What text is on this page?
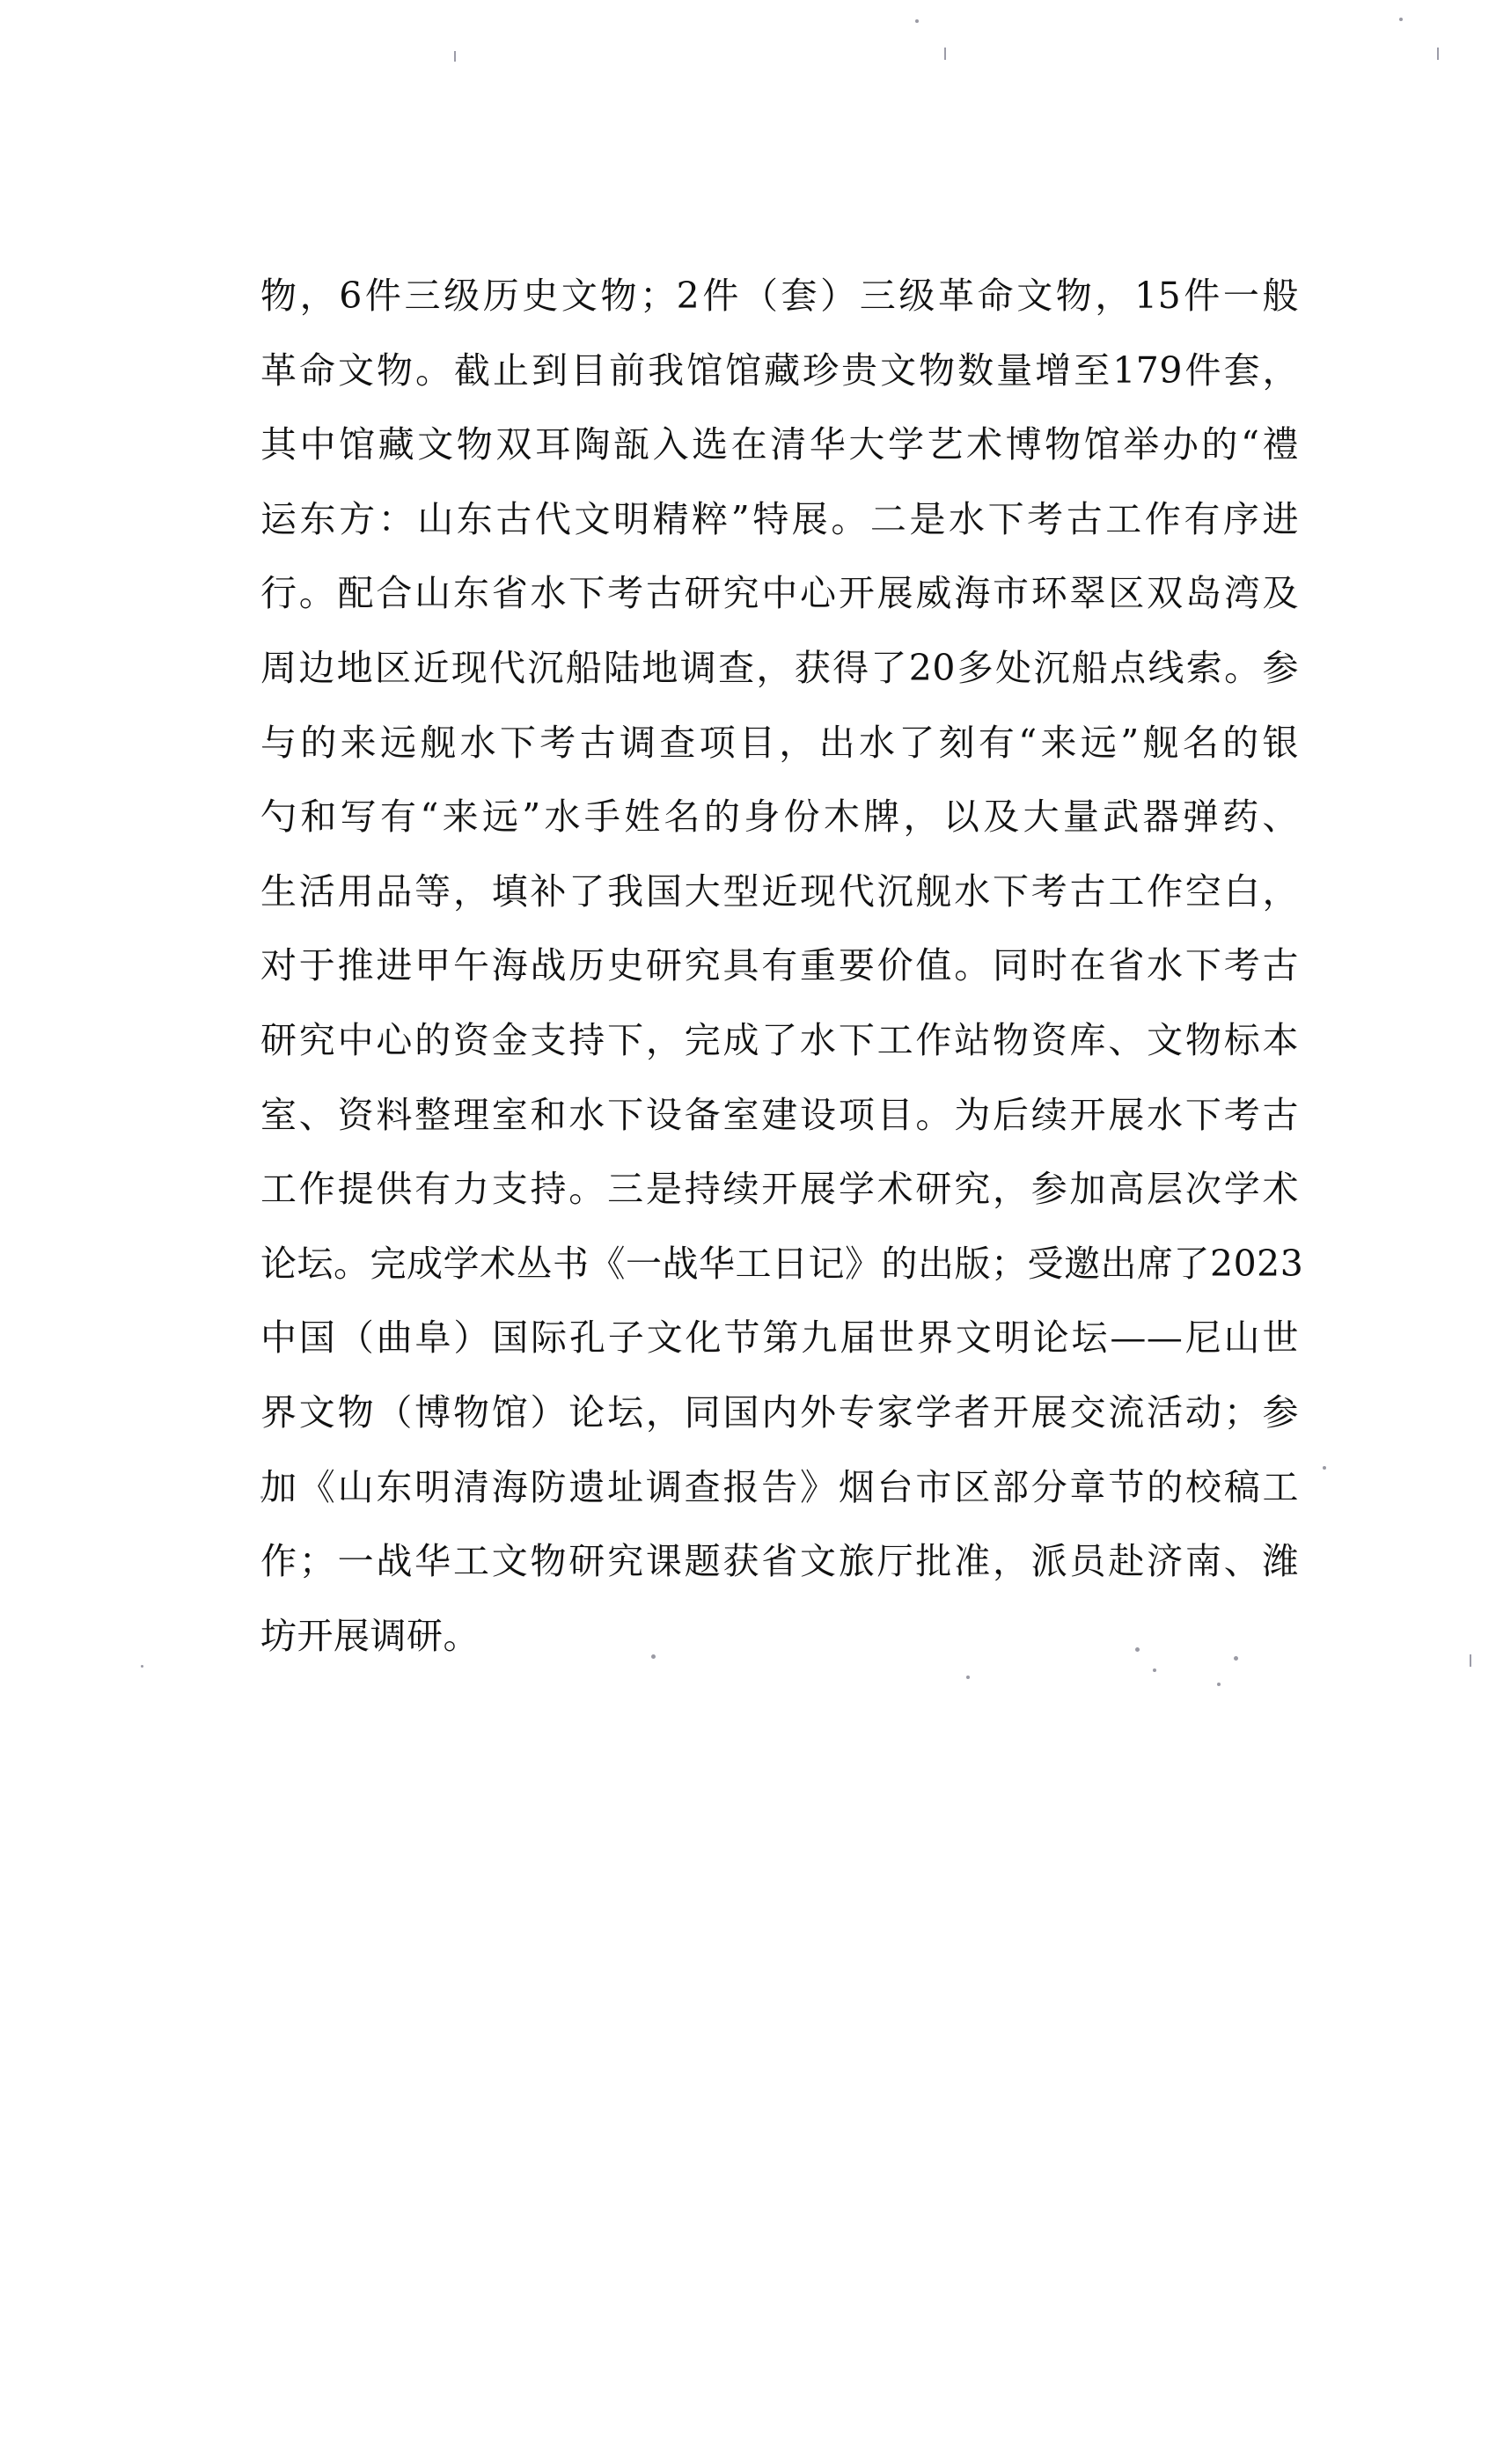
物，6件三级历史文物；2件（套）三级革命文物，15件一般
革命文物。截止到目前我馆馆藏珍贵文物数量增至179件套，
其中馆藏文物双耳陶瓿入选在清华大学艺术博物馆举办的“禮
运东方：山东古代文明精粹”特展。二是水下考古工作有序进
行。配合山东省水下考古研究中心开展威海市环翠区双岛湾及
周边地区近现代沉船陆地调查，获得了20多处沉船点线索。参
与的来远舰水下考古调查项目，出水了刻有“来远”舰名的银
勺和写有“来远”水手姓名的身份木牌，以及大量武器弹药、
生活用品等，填补了我国大型近现代沉舰水下考古工作空白，
对于推进甲午海战历史研究具有重要价值。同时在省水下考古
研究中心的资金支持下，完成了水下工作站物资库、文物标本
室、资料整理室和水下设备室建设项目。为后续开展水下考古
工作提供有力支持。三是持续开展学术研究，参加高层次学术
论坛。完成学术丛书《一战华工日记》的出版；受邀出席了2023
中国（曲阜）国际孔子文化节第九届世界文明论坛——尼山世
界文物（博物馆）论坛，同国内外专家学者开展交流活动；参
加《山东明清海防遗址调查报告》烟台市区部分章节的校稿工
作；一战华工文物研究课题获省文旅厅批准，派员赴济南、潍
坊开展调研。
